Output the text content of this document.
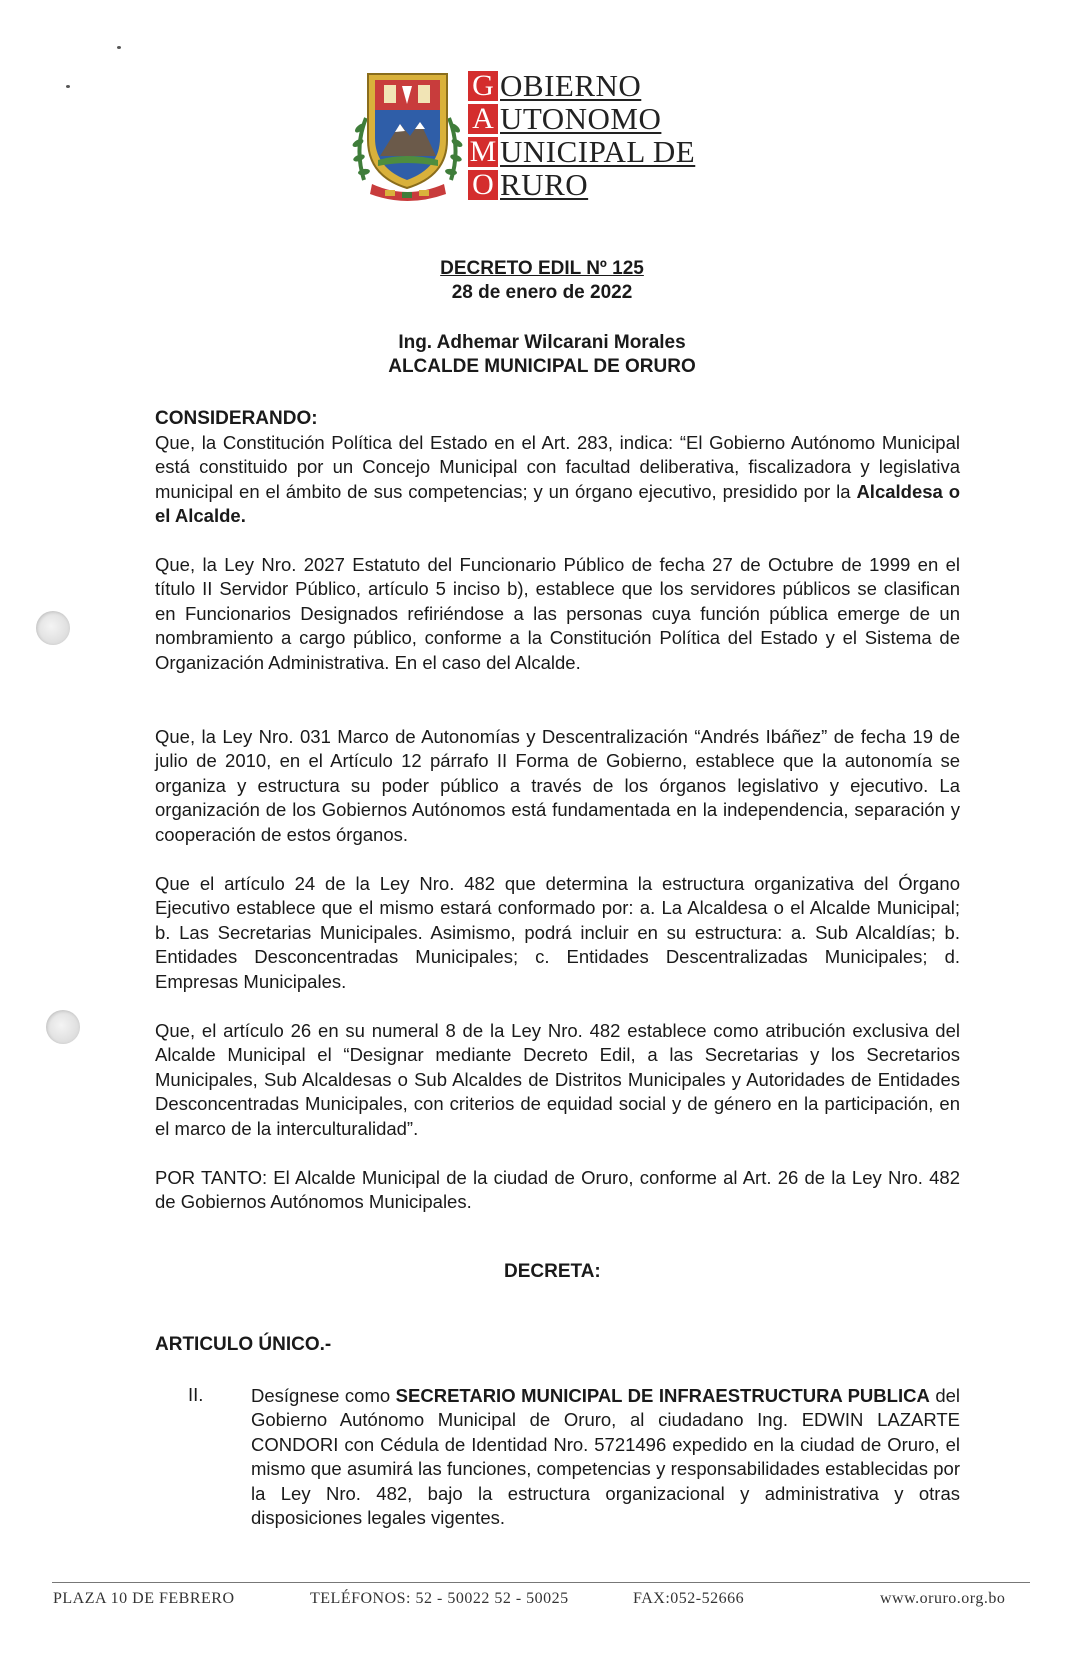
G OBIERNO
A UTONOMO
M UNICIPAL DE
O RURO
DECRETO EDIL Nº 125
28 de enero de 2022
Ing. Adhemar Wilcarani Morales
ALCALDE MUNICIPAL DE ORURO
CONSIDERANDO:

Que, la Constitución Política del Estado en el Art. 283, indica: “El Gobierno Autónomo Municipal está constituido por un Concejo Municipal con facultad deliberativa, fiscalizadora y legislativa municipal en el ámbito de sus competencias; y un órgano ejecutivo, presidido por la Alcaldesa o el Alcalde.

Que, la Ley Nro. 2027 Estatuto del Funcionario Público de fecha 27 de Octubre de 1999 en el título II Servidor Público, artículo 5 inciso b), establece que los servidores públicos se clasifican en Funcionarios Designados refiriéndose a las personas cuya función pública emerge de un nombramiento a cargo público, conforme a la Constitución Política del Estado y el Sistema de Organización Administrativa. En el caso del Alcalde.

Que, la Ley Nro. 031 Marco de Autonomías y Descentralización “Andrés Ibáñez” de fecha 19 de julio de 2010, en el Artículo 12 párrafo II Forma de Gobierno, establece que la autonomía se organiza y estructura su poder público a través de los órganos legislativo y ejecutivo. La organización de los Gobiernos Autónomos está fundamentada en la independencia, separación y cooperación de estos órganos.

Que el artículo 24 de la Ley Nro. 482 que determina la estructura organizativa del Órgano Ejecutivo establece que el mismo estará conformado por: a. La Alcaldesa o el Alcalde Municipal; b. Las Secretarias Municipales. Asimismo, podrá incluir en su estructura: a. Sub Alcaldías; b. Entidades Desconcentradas Municipales; c. Entidades Descentralizadas Municipales; d. Empresas Municipales.

Que, el artículo 26 en su numeral 8 de la Ley Nro. 482 establece como atribución exclusiva del Alcalde Municipal el “Designar mediante Decreto Edil, a las Secretarias y los Secretarios Municipales, Sub Alcaldesas o Sub Alcaldes de Distritos Municipales y Autoridades de Entidades Desconcentradas Municipales, con criterios de equidad social y de género en la participación, en el marco de la interculturalidad”.

POR TANTO: El Alcalde Municipal de la ciudad de Oruro, conforme al Art. 26 de la Ley Nro. 482 de Gobiernos Autónomos Municipales.

DECRETA:
ARTICULO ÚNICO.-
II.	Desígnese como SECRETARIO MUNICIPAL DE INFRAESTRUCTURA PUBLICA del Gobierno Autónomo Municipal de Oruro, al ciudadano Ing. EDWIN LAZARTE CONDORI con Cédula de Identidad Nro. 5721496 expedido en la ciudad de Oruro, el mismo que asumirá las funciones, competencias y responsabilidades establecidas por la Ley Nro. 482, bajo la estructura organizacional y administrativa y otras disposiciones legales vigentes.
PLAZA 10 DE FEBRERO	TELÉFONOS: 52 - 50022 52 - 50025	FAX:052-52666	www.oruro.org.bo
